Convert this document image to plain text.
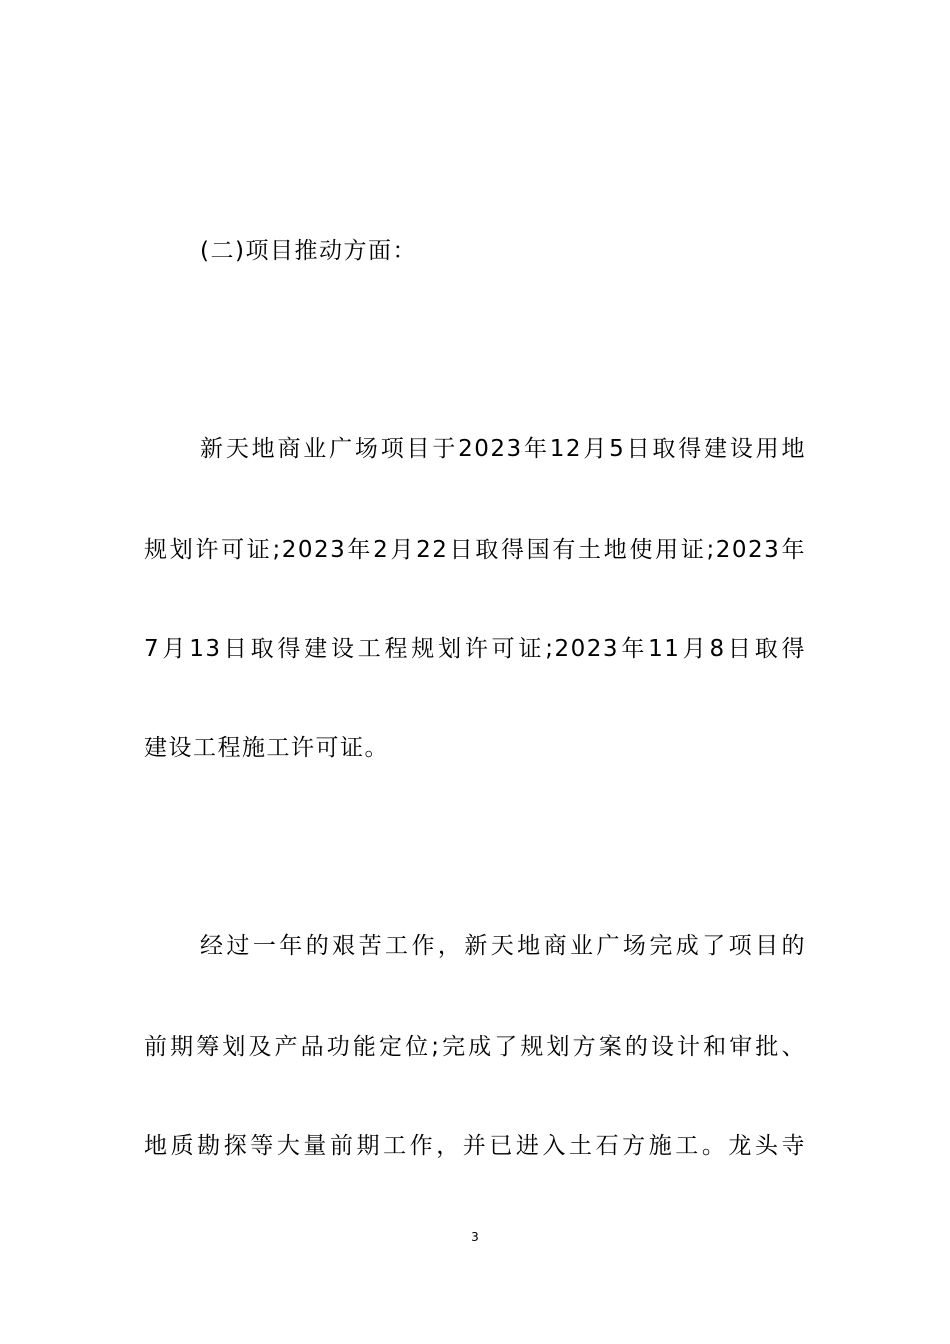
(二)项目推动方面：
新天地商业广场项目于2023年12月5日取得建设用地
规划许可证;2023年2月22日取得国有土地使用证;2023年
7月13日取得建设工程规划许可证;2023年11月8日取得
建设工程施工许可证。
经过一年的艰苦工作，新天地商业广场完成了项目的
前期筹划及产品功能定位;完成了规划方案的设计和审批、
地质勘探等大量前期工作，并已进入土石方施工。龙头寺
3
